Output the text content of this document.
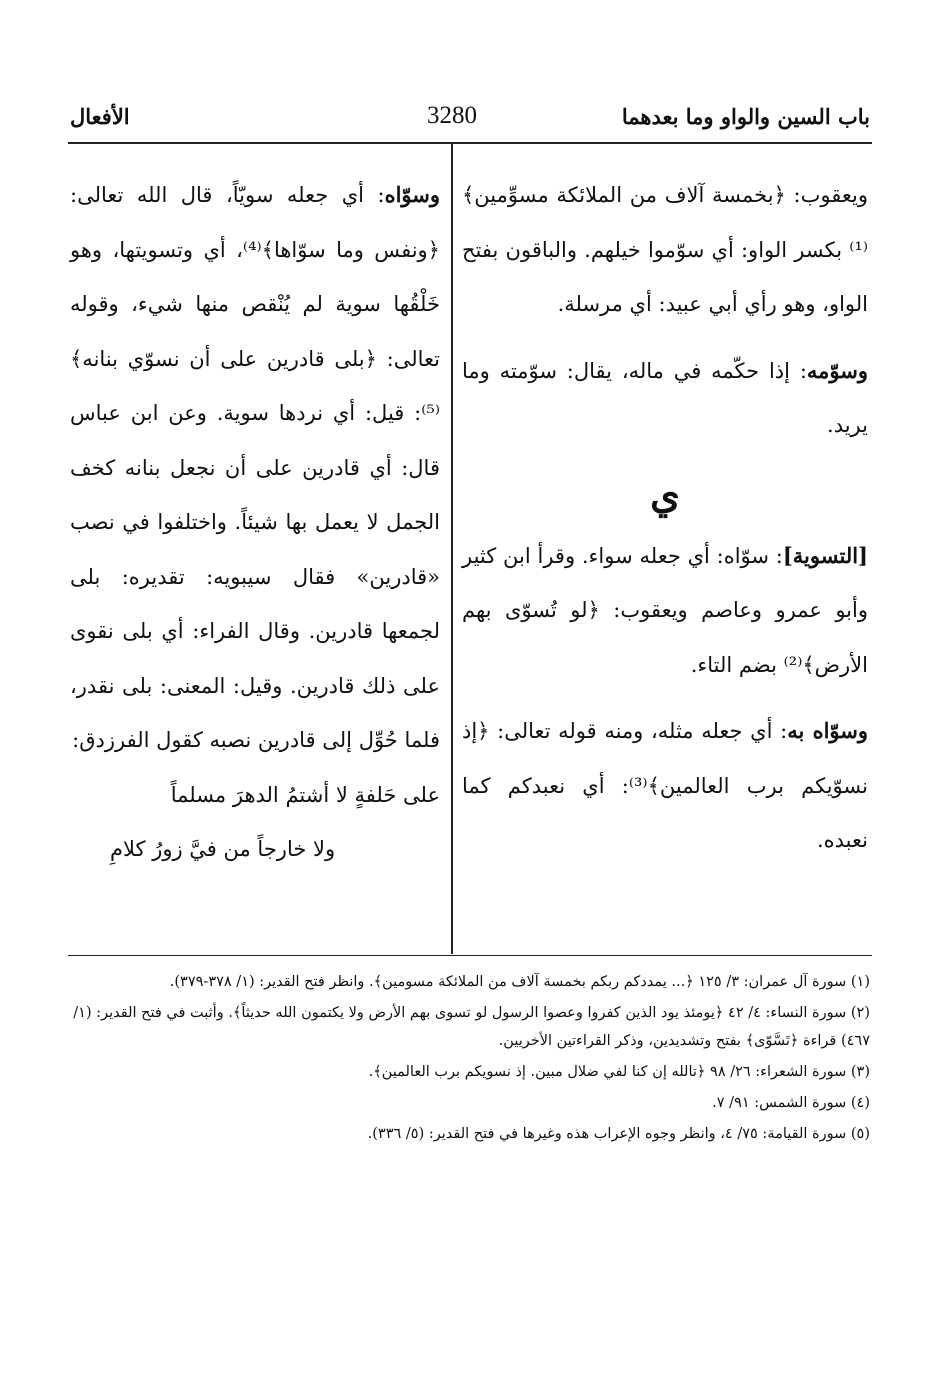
باب السين والواو وما بعدهما
3280
الأفعال

ويعقوب: ﴿بخمسة آلاف من الملائكة مسوِّمين﴾⁽¹⁾ بكسر الواو: أي سوّموا خيلهم. والباقون بفتح الواو، وهو رأي أبي عبيد: أي مرسلة.

وسوّمه: إذا حكّمه في ماله، يقال: سوّمته وما يريد.

ي

[التسوية]: سوّاه: أي جعله سواء. وقرأ ابن كثير وأبو عمرو وعاصم ويعقوب: ﴿لو تُسوّى بهم الأرض﴾⁽²⁾ بضم التاء.

وسوّاه به: أي جعله مثله، ومنه قوله تعالى: ﴿إذ نسوّيكم برب العالمين﴾⁽³⁾: أي نعبدكم كما نعبده.

وسوّاه: أي جعله سويّاً، قال الله تعالى: ﴿ونفس وما سوّاها﴾⁽⁴⁾، أي وتسويتها، وهو خَلْقُها سوية لم يُنْقص منها شيء، وقوله تعالى: ﴿بلى قادرين على أن نسوّي بنانه﴾⁽⁵⁾: قيل: أي نردها سوية. وعن ابن عباس قال: أي قادرين على أن نجعل بنانه كخف الجمل لا يعمل بها شيئاً. واختلفوا في نصب «قادرين» فقال سيبويه: تقديره: بلى لجمعها قادرين. وقال الفراء: أي بلى نقوى على ذلك قادرين. وقيل: المعنى: بلى نقدر، فلما حُوِّل إلى قادرين نصبه كقول الفرزدق:

على حَلفةٍ لا أشتمُ الدهرَ مسلماً

ولا خارجاً من فيَّ زورُ كلامِ

(١) سورة آل عمران: ٣/ ١٢٥ ﴿... يمددكم ربكم بخمسة آلاف من الملائكة مسومين﴾. وانظر فتح القدير: (١/ ٣٧٨-٣٧٩).

(٢) سورة النساء: ٤/ ٤٢ ﴿يومئذ يود الذين كفروا وعصوا الرسول لو تسوى بهم الأرض ولا يكتمون الله حديثاً﴾. وأثبت في فتح القدير: (١/ ٤٦٧) قراءة ﴿تَسَّوّى﴾ بفتح وتشديدين، وذكر القراءتين الأخريين.

(٣) سورة الشعراء: ٢٦/ ٩٨ ﴿تالله إن كنا لفي ضلال مبين. إذ نسويكم برب العالمين﴾.

(٤) سورة الشمس: ٩١/ ٧.

(٥) سورة القيامة: ٧٥/ ٤، وانظر وجوه الإعراب هذه وغيرها في فتح القدير: (٥/ ٣٣٦).
